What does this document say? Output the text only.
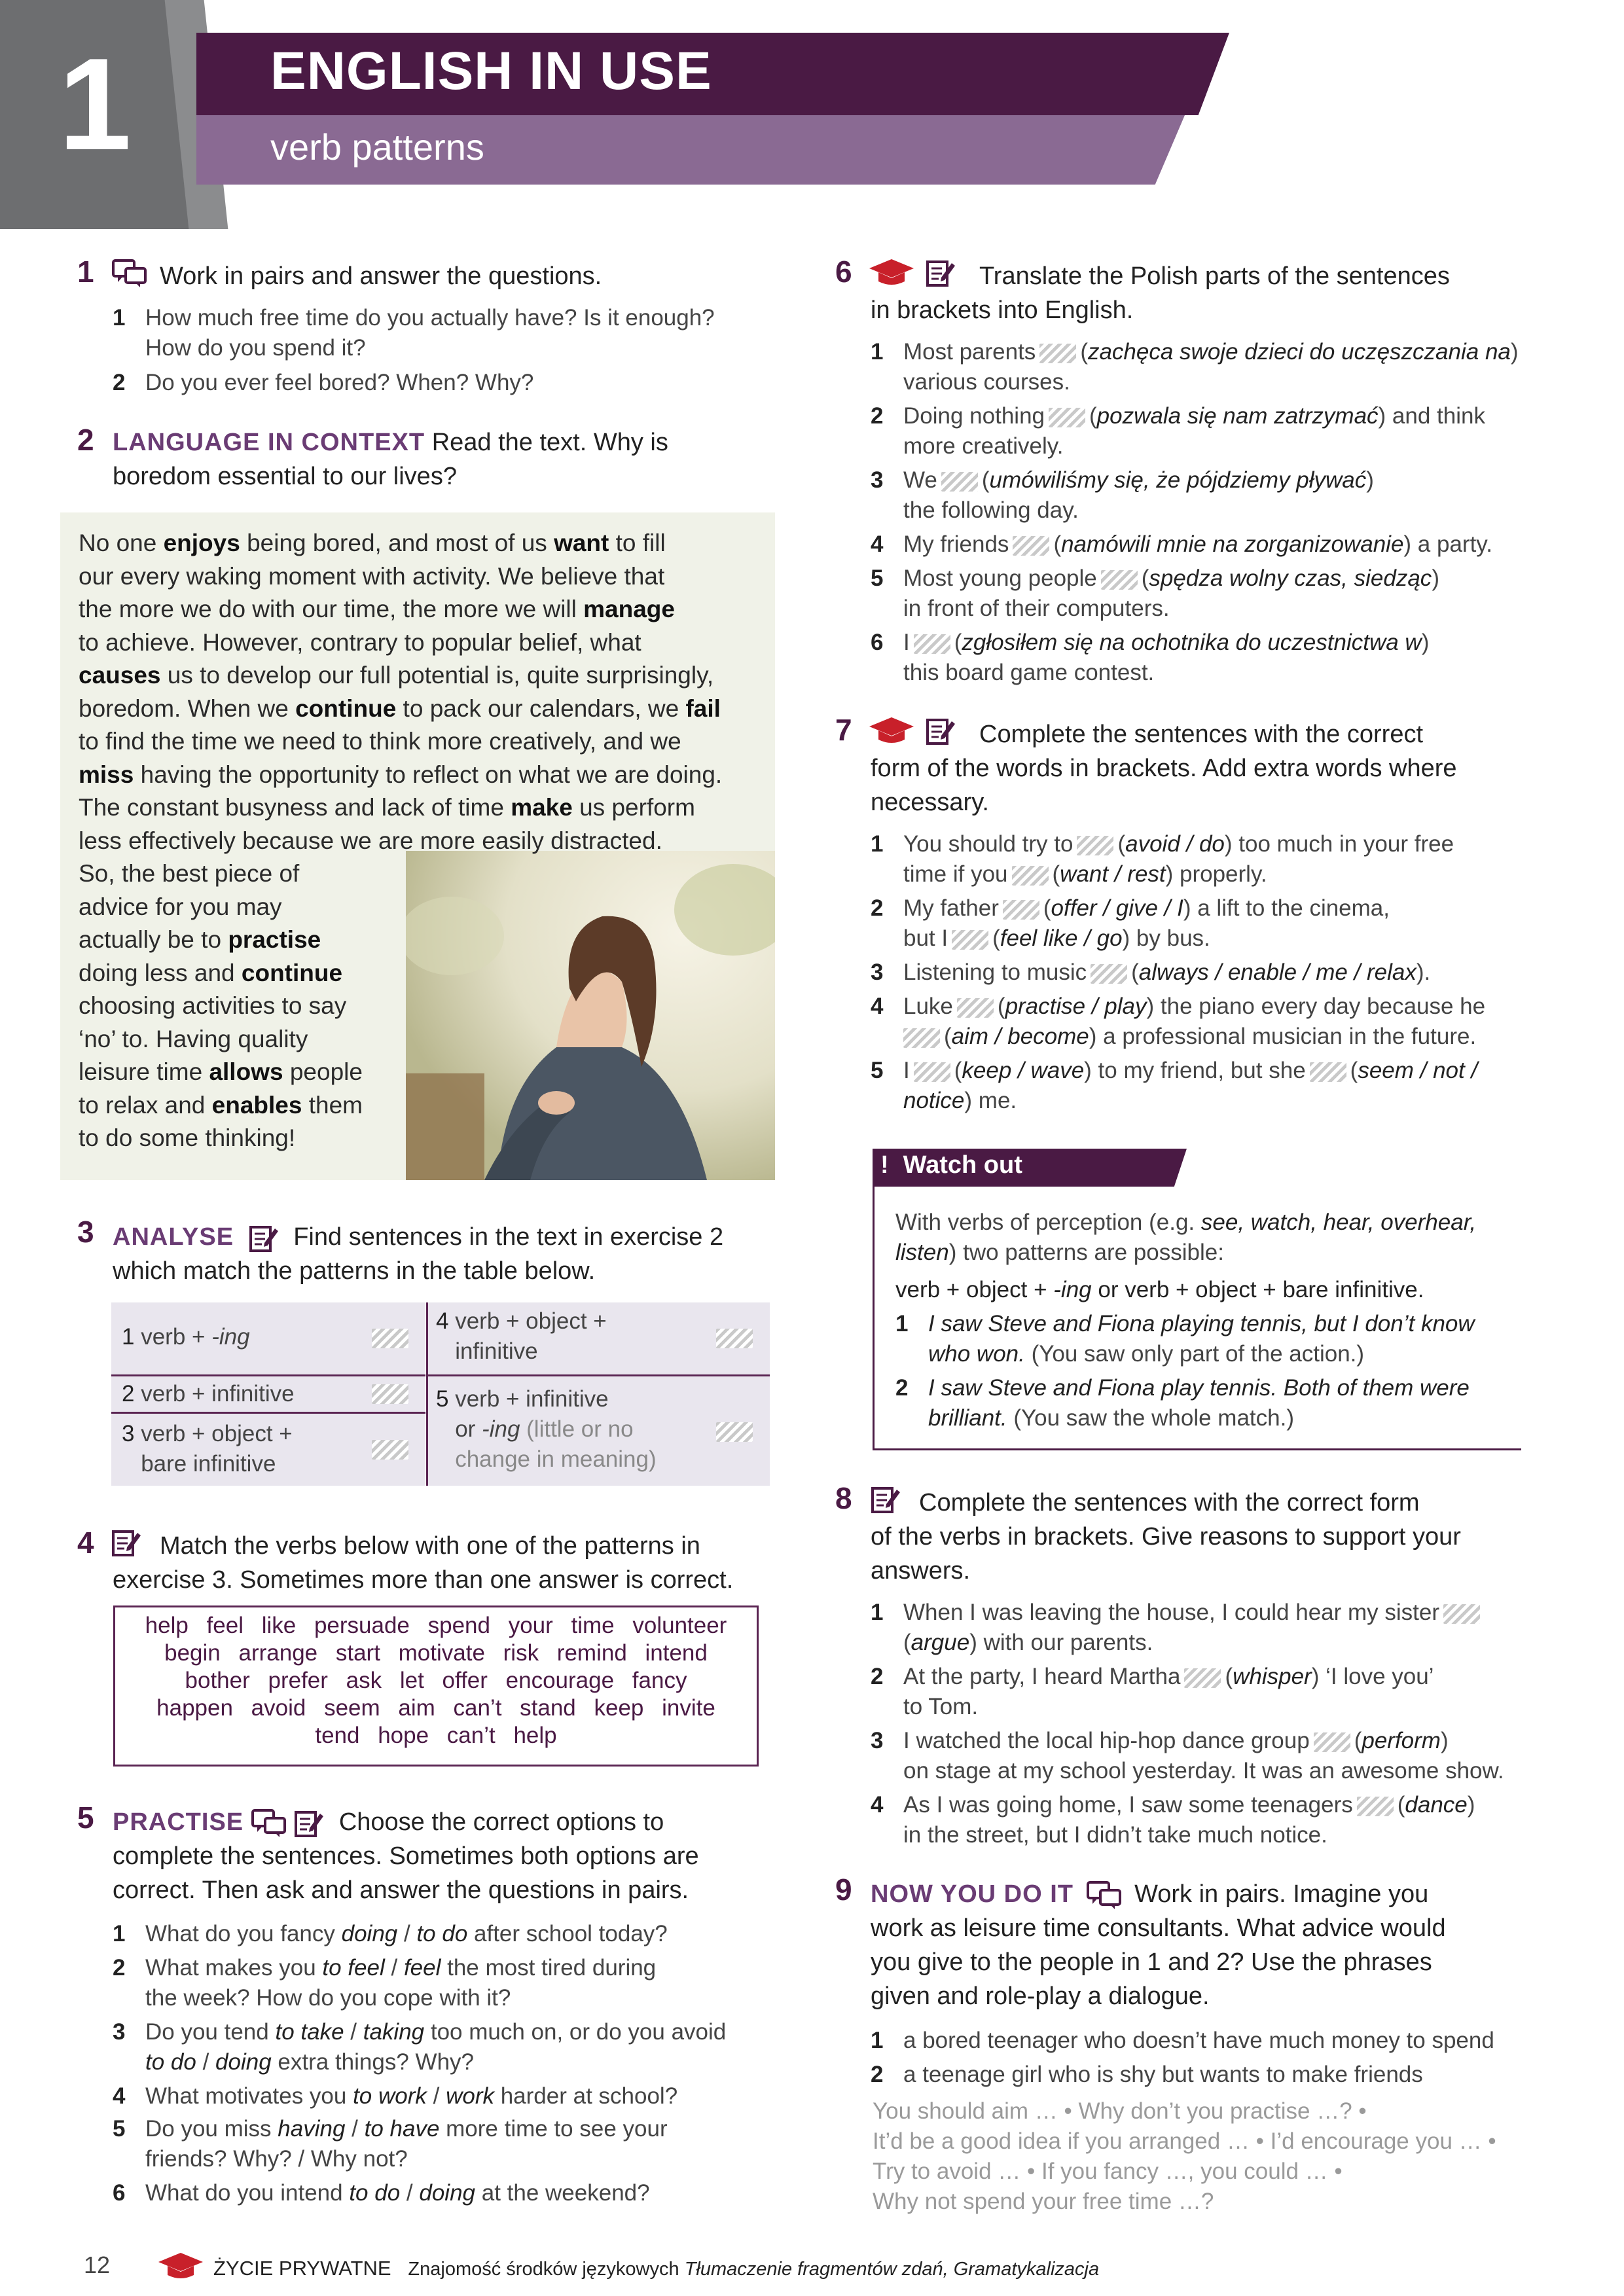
1	ENGLISH IN USE
verb patterns
1	Work in pairs and answer the questions.
1 How much free time do you actually have? Is it enough?
How do you spend it?
2 Do you ever feel bored? When? Why?
2 LANGUAGE IN CONTEXT Read the text. Why is
boredom essential to our lives?
No one enjoys being bored, and most of us want to fill
our every waking moment with activity. We believe that
the more we do with our time, the more we will manage
to achieve. However, contrary to popular belief, what
causes us to develop our full potential is, quite surprisingly,
boredom. When we continue to pack our calendars, we fail
to find the time we need to think more creatively, and we
miss having the opportunity to reflect on what we are doing.
The constant busyness and lack of time make us perform
less effectively because we are more easily distracted.
So, the best piece of
advice for you may
actually be to practise
doing less and continue
choosing activities to say
‘no’ to. Having quality
leisure time allows people
to relax and enables them
to do some thinking!
3 ANALYSE Find sentences in the text in exercise 2
which match the patterns in the table below.
1 verb + -ing
2 verb + infinitive
3 verb + object +
bare infinitive
4 verb + object +
infinitive
5 verb + infinitive
or -ing (little or no
change in meaning)
4	Match the verbs below with one of the patterns in
exercise 3. Sometimes more than one answer is correct.
help feel like persuade spend your time volunteer
begin arrange start motivate risk remind intend
bother prefer ask let offer encourage fancy
happen avoid seem aim can’t stand keep invite
tend hope can’t help
5 PRACTISE
	Choose the correct options to
complete the sentences. Sometimes both options are
correct. Then ask and answer the questions in pairs.
1 What do you fancy doing / to do after school today?
2 What makes you to feel / feel the most tired during
the week? How do you cope with it?
3 Do you tend to take / taking too much on, or do you avoid
to do / doing extra things? Why?
4 What motivates you to work / work harder at school?
5 Do you miss having / to have more time to see your
friends? Why? / Why not?
6 What do you intend to do / doing at the weekend?
6	Translate the Polish parts of the sentences
in brackets into English.
1 Most parents (zachęca swoje dzieci do uczęszczania na)
various courses.
2 Doing nothing (pozwala się nam zatrzymać) and think
more creatively.
3 We (umówiliśmy się, że pójdziemy pływać)
the following day.
4 My friends (namówili mnie na zorganizowanie) a party.
5 Most young people (spędza wolny czas, siedząc)
in front of their computers.
6 I (zgłosiłem się na ochotnika do uczestnictwa w)
this board game contest.
7	Complete the sentences with the correct
form of the words in brackets. Add extra words where
necessary.
1 You should try to (avoid / do) too much in your free
time if you (want / rest) properly.
2 My father (offer / give / I) a lift to the cinema,
but I (feel like / go) by bus.
3 Listening to music (always / enable / me / relax).
4 Luke (practise / play) the piano every day because he
(aim / become) a professional musician in the future.
5 I (keep / wave) to my friend, but she (seem / not /
notice) me.
! Watch out
With verbs of perception (e.g. see, watch, hear, overhear,
listen) two patterns are possible:
verb + object + -ing or verb + object + bare infinitive.
1 I saw Steve and Fiona playing tennis, but I don’t know
who won. (You saw only part of the action.)
2 I saw Steve and Fiona play tennis. Both of them were
brilliant. (You saw the whole match.)
8	Complete the sentences with the correct form
of the verbs in brackets. Give reasons to support your
answers.
1 When I was leaving the house, I could hear my sister
(argue) with our parents.
2 At the party, I heard Martha (whisper) ‘I love you’
to Tom.
3 I watched the local hip-hop dance group (perform)
on stage at my school yesterday. It was an awesome show.
4 As I was going home, I saw some teenagers (dance)
in the street, but I didn’t take much notice.
9 NOW YOU DO IT Work in pairs. Imagine you
work as leisure time consultants. What advice would
you give to the people in 1 and 2? Use the phrases
given and role-play a dialogue.
1 a bored teenager who doesn’t have much money to spend
2 a teenage girl who is shy but wants to make friends
You should aim … • Why don’t you practise …? •
It’d be a good idea if you arranged … • I’d encourage you … •
Try to avoid … • If you fancy …, you could … •
Why not spend your free time …?
12	ŻYCIE PRYWATNE Znajomość środków językowych Tłumaczenie fragmentów zdań, Gramatykalizacja
